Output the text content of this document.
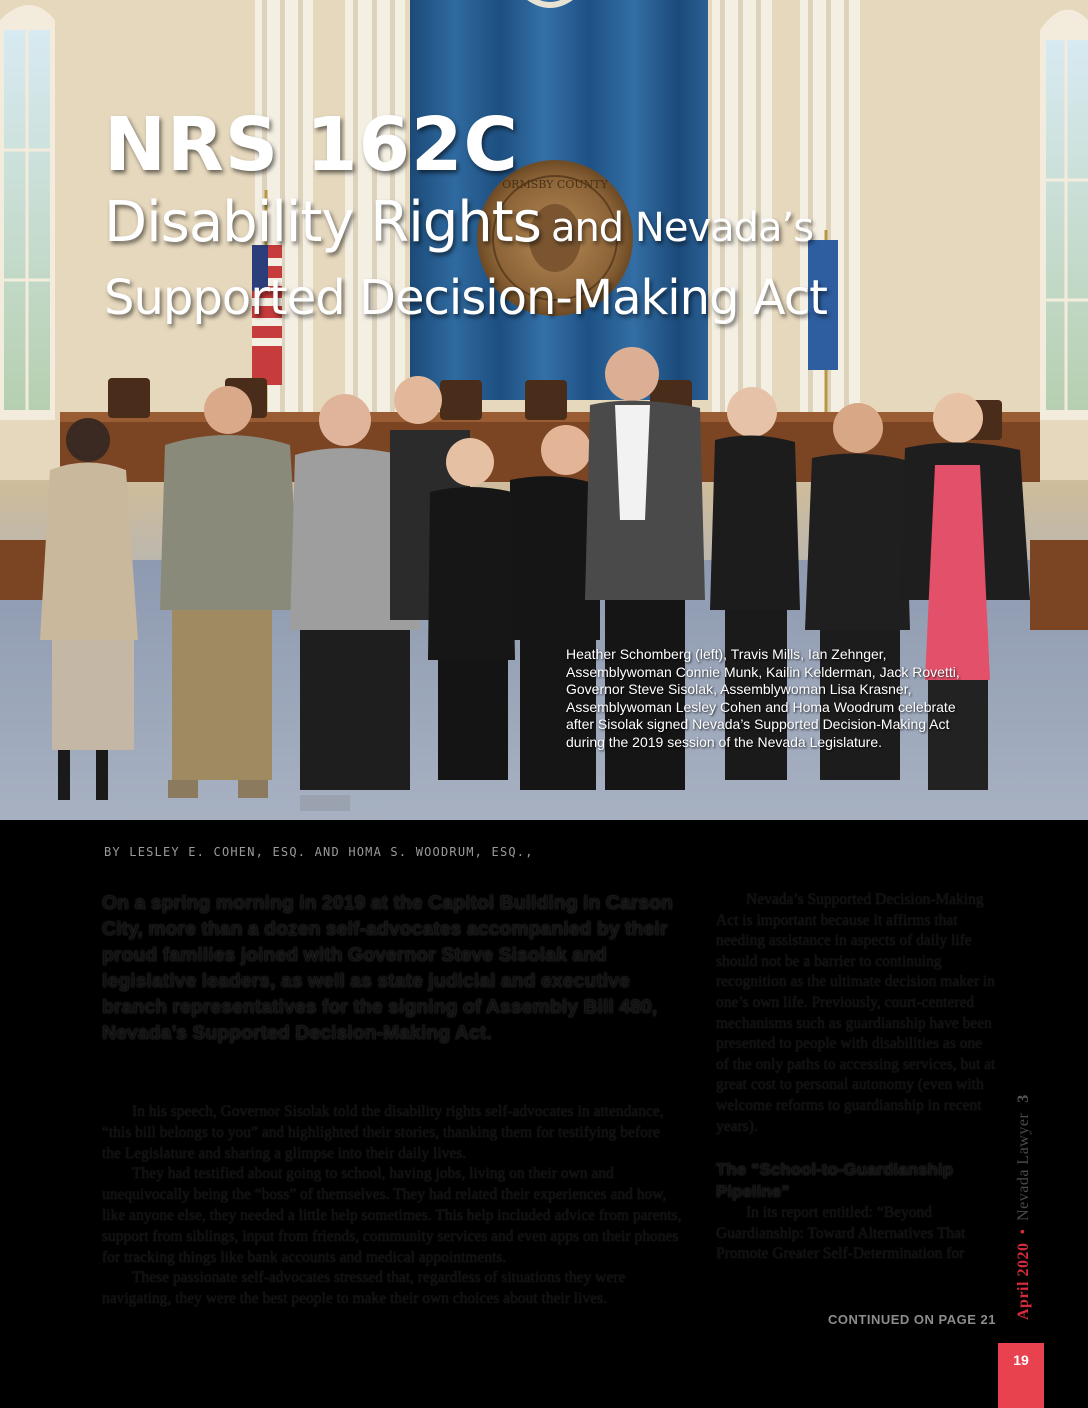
ORMSBY COUNTY
NRS 162C
Disability Rights and Nevada’s
Supported Decision-Making Act
Heather Schomberg (left), Travis Mills, Ian Zehnger, Assemblywoman Connie Munk, Kailin Kelderman, Jack Rovetti, Governor Steve Sisolak, Assemblywoman Lisa Krasner, Assemblywoman Lesley Cohen and Homa Woodrum celebrate after Sisolak signed Nevada’s Supported Decision-Making Act during the 2019 session of the Nevada Legislature.
BY LESLEY E. COHEN, ESQ. AND HOMA S. WOODRUM, ESQ.,
On a spring morning in 2019 at the Capitol Building in Carson City, more than a dozen self-advocates accompanied by their proud families joined with Governor Steve Sisolak and legislative leaders, as well as state judicial and executive branch representatives for the signing of Assembly Bill 480, Nevada’s Supported Decision-Making Act.

In his speech, Governor Sisolak told the disability rights self-advocates in attendance, “this bill belongs to you” and highlighted their stories, thanking them for testifying before the Legislature and sharing a glimpse into their daily lives.

They had testified about going to school, having jobs, living on their own and unequivocally being the “boss” of themselves. They had related their experiences and how, like anyone else, they needed a little help sometimes. This help included advice from parents, support from siblings, input from friends, community services and even apps on their phones for tracking things like bank accounts and medical appointments.

These passionate self-advocates stressed that, regardless of situations they were navigating, they were the best people to make their own choices about their lives.

Nevada’s Supported Decision-Making Act is important because it affirms that needing assistance in aspects of daily life should not be a barrier to continuing recognition as the ultimate decision maker in one’s own life. Previously, court-centered mechanisms such as guardianship have been presented to people with disabilities as one of the only paths to accessing services, but at great cost to personal autonomy (even with welcome reforms to guardianship in recent years).

The “School-to-Guardianship Pipeline”

In its report entitled: “Beyond Guardianship: Toward Alternatives That Promote Greater Self-Determination for

CONTINUED ON PAGE 21	April 2020•Nevada Lawyer3
19
